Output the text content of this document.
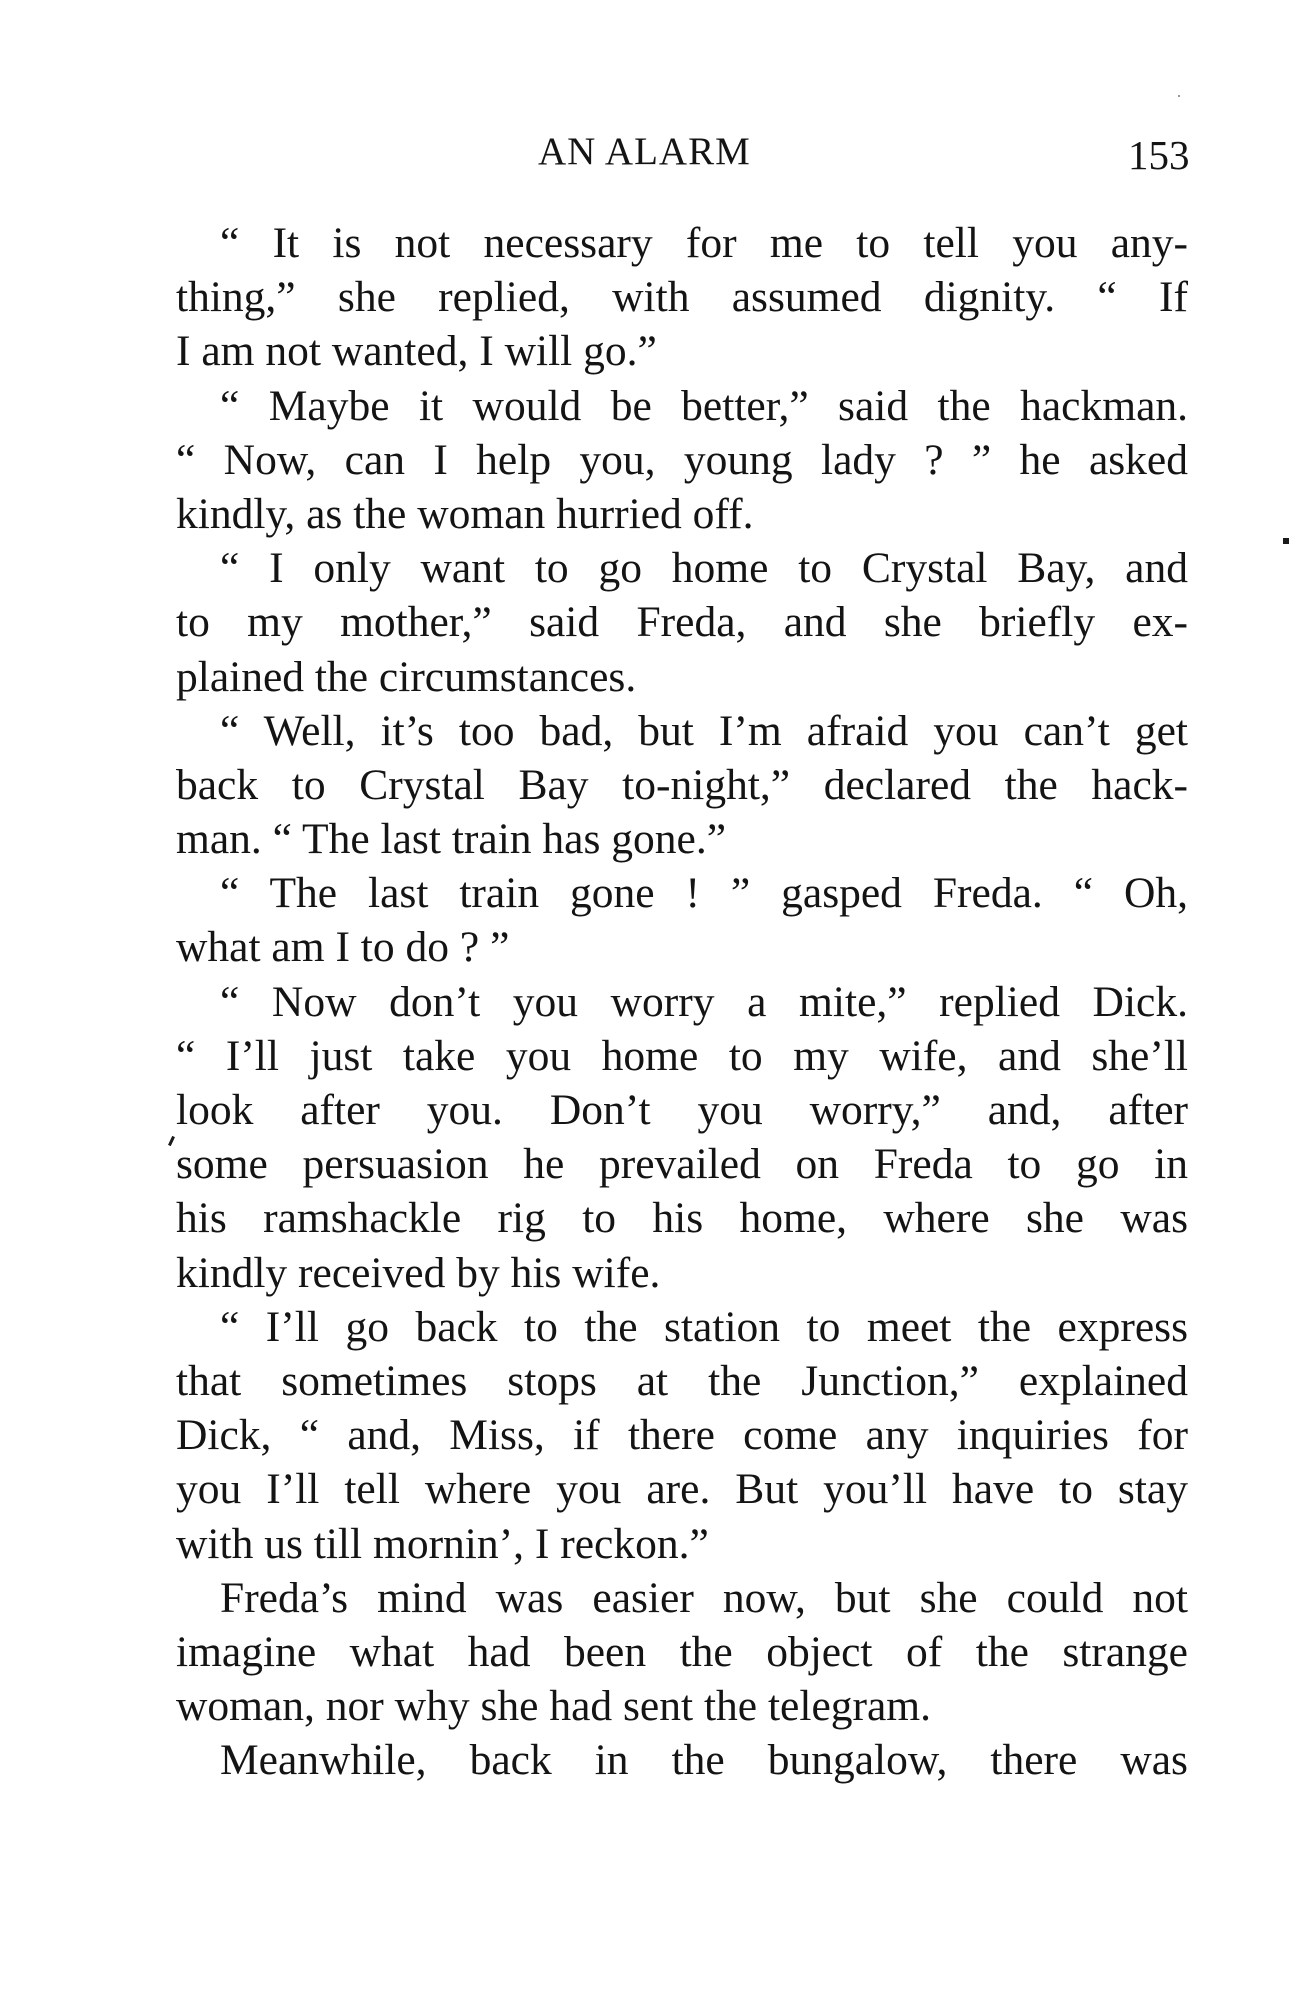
AN ALARM	153
“ It is not necessary for me to tell you any-
thing,” she replied, with assumed dignity. “ If
I am not wanted, I will go.”
“ Maybe it would be better,” said the hackman.
“ Now, can I help you, young lady ? ” he asked
kindly, as the woman hurried off.
“ I only want to go home to Crystal Bay, and
to my mother,” said Freda, and she briefly ex-
plained the circumstances.
“ Well, it’s too bad, but I’m afraid you can’t get
back to Crystal Bay to-night,” declared the hack-
man. “ The last train has gone.”
“ The last train gone ! ” gasped Freda. “ Oh,
what am I to do ? ”
“ Now don’t you worry a mite,” replied Dick.
“ I’ll just take you home to my wife, and she’ll
look after you. Don’t you worry,” and, after
some persuasion he prevailed on Freda to go in
his ramshackle rig to his home, where she was
kindly received by his wife.
“ I’ll go back to the station to meet the express
that sometimes stops at the Junction,” explained
Dick, “ and, Miss, if there come any inquiries for
you I’ll tell where you are. But you’ll have to stay
with us till mornin’, I reckon.”
Freda’s mind was easier now, but she could not
imagine what had been the object of the strange
woman, nor why she had sent the telegram.
Meanwhile, back in the bungalow, there was
